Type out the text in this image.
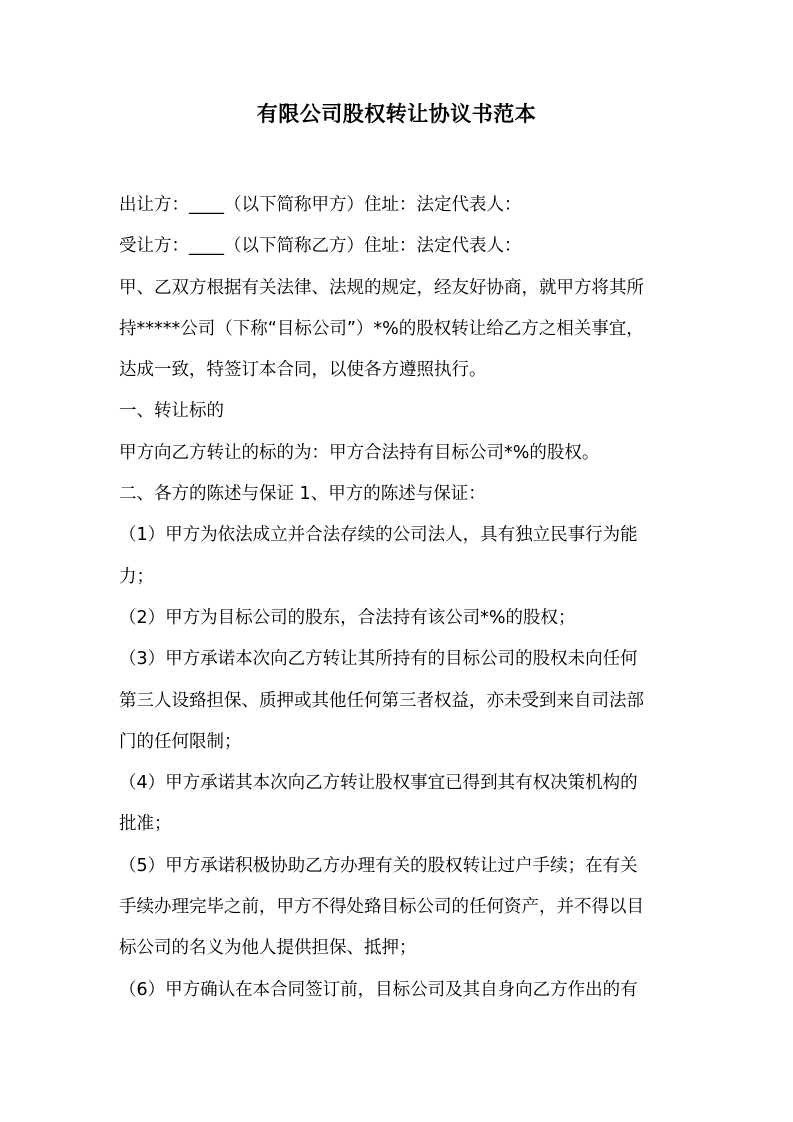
有限公司股权转让协议书范本
出让方：____（以下简称甲方）住址：法定代表人：
受让方：____（以下简称乙方）住址：法定代表人：
甲、乙双方根据有关法律、法规的规定，经友好协商，就甲方将其所
持*****公司（下称“目标公司”）*%的股权转让给乙方之相关事宜，
达成一致，特签订本合同，以使各方遵照执行。
一、转让标的
甲方向乙方转让的标的为：甲方合法持有目标公司*%的股权。
二、各方的陈述与保证 1、甲方的陈述与保证：
（1）甲方为依法成立并合法存续的公司法人，具有独立民事行为能
力；
（2）甲方为目标公司的股东，合法持有该公司*%的股权；
（3）甲方承诺本次向乙方转让其所持有的目标公司的股权未向任何
第三人设臵担保、质押或其他任何第三者权益，亦未受到来自司法部
门的任何限制；
（4）甲方承诺其本次向乙方转让股权事宜已得到其有权决策机构的
批准；
（5）甲方承诺积极协助乙方办理有关的股权转让过户手续；在有关
手续办理完毕之前，甲方不得处臵目标公司的任何资产，并不得以目
标公司的名义为他人提供担保、抵押；
（6）甲方确认在本合同签订前，目标公司及其自身向乙方作出的有
